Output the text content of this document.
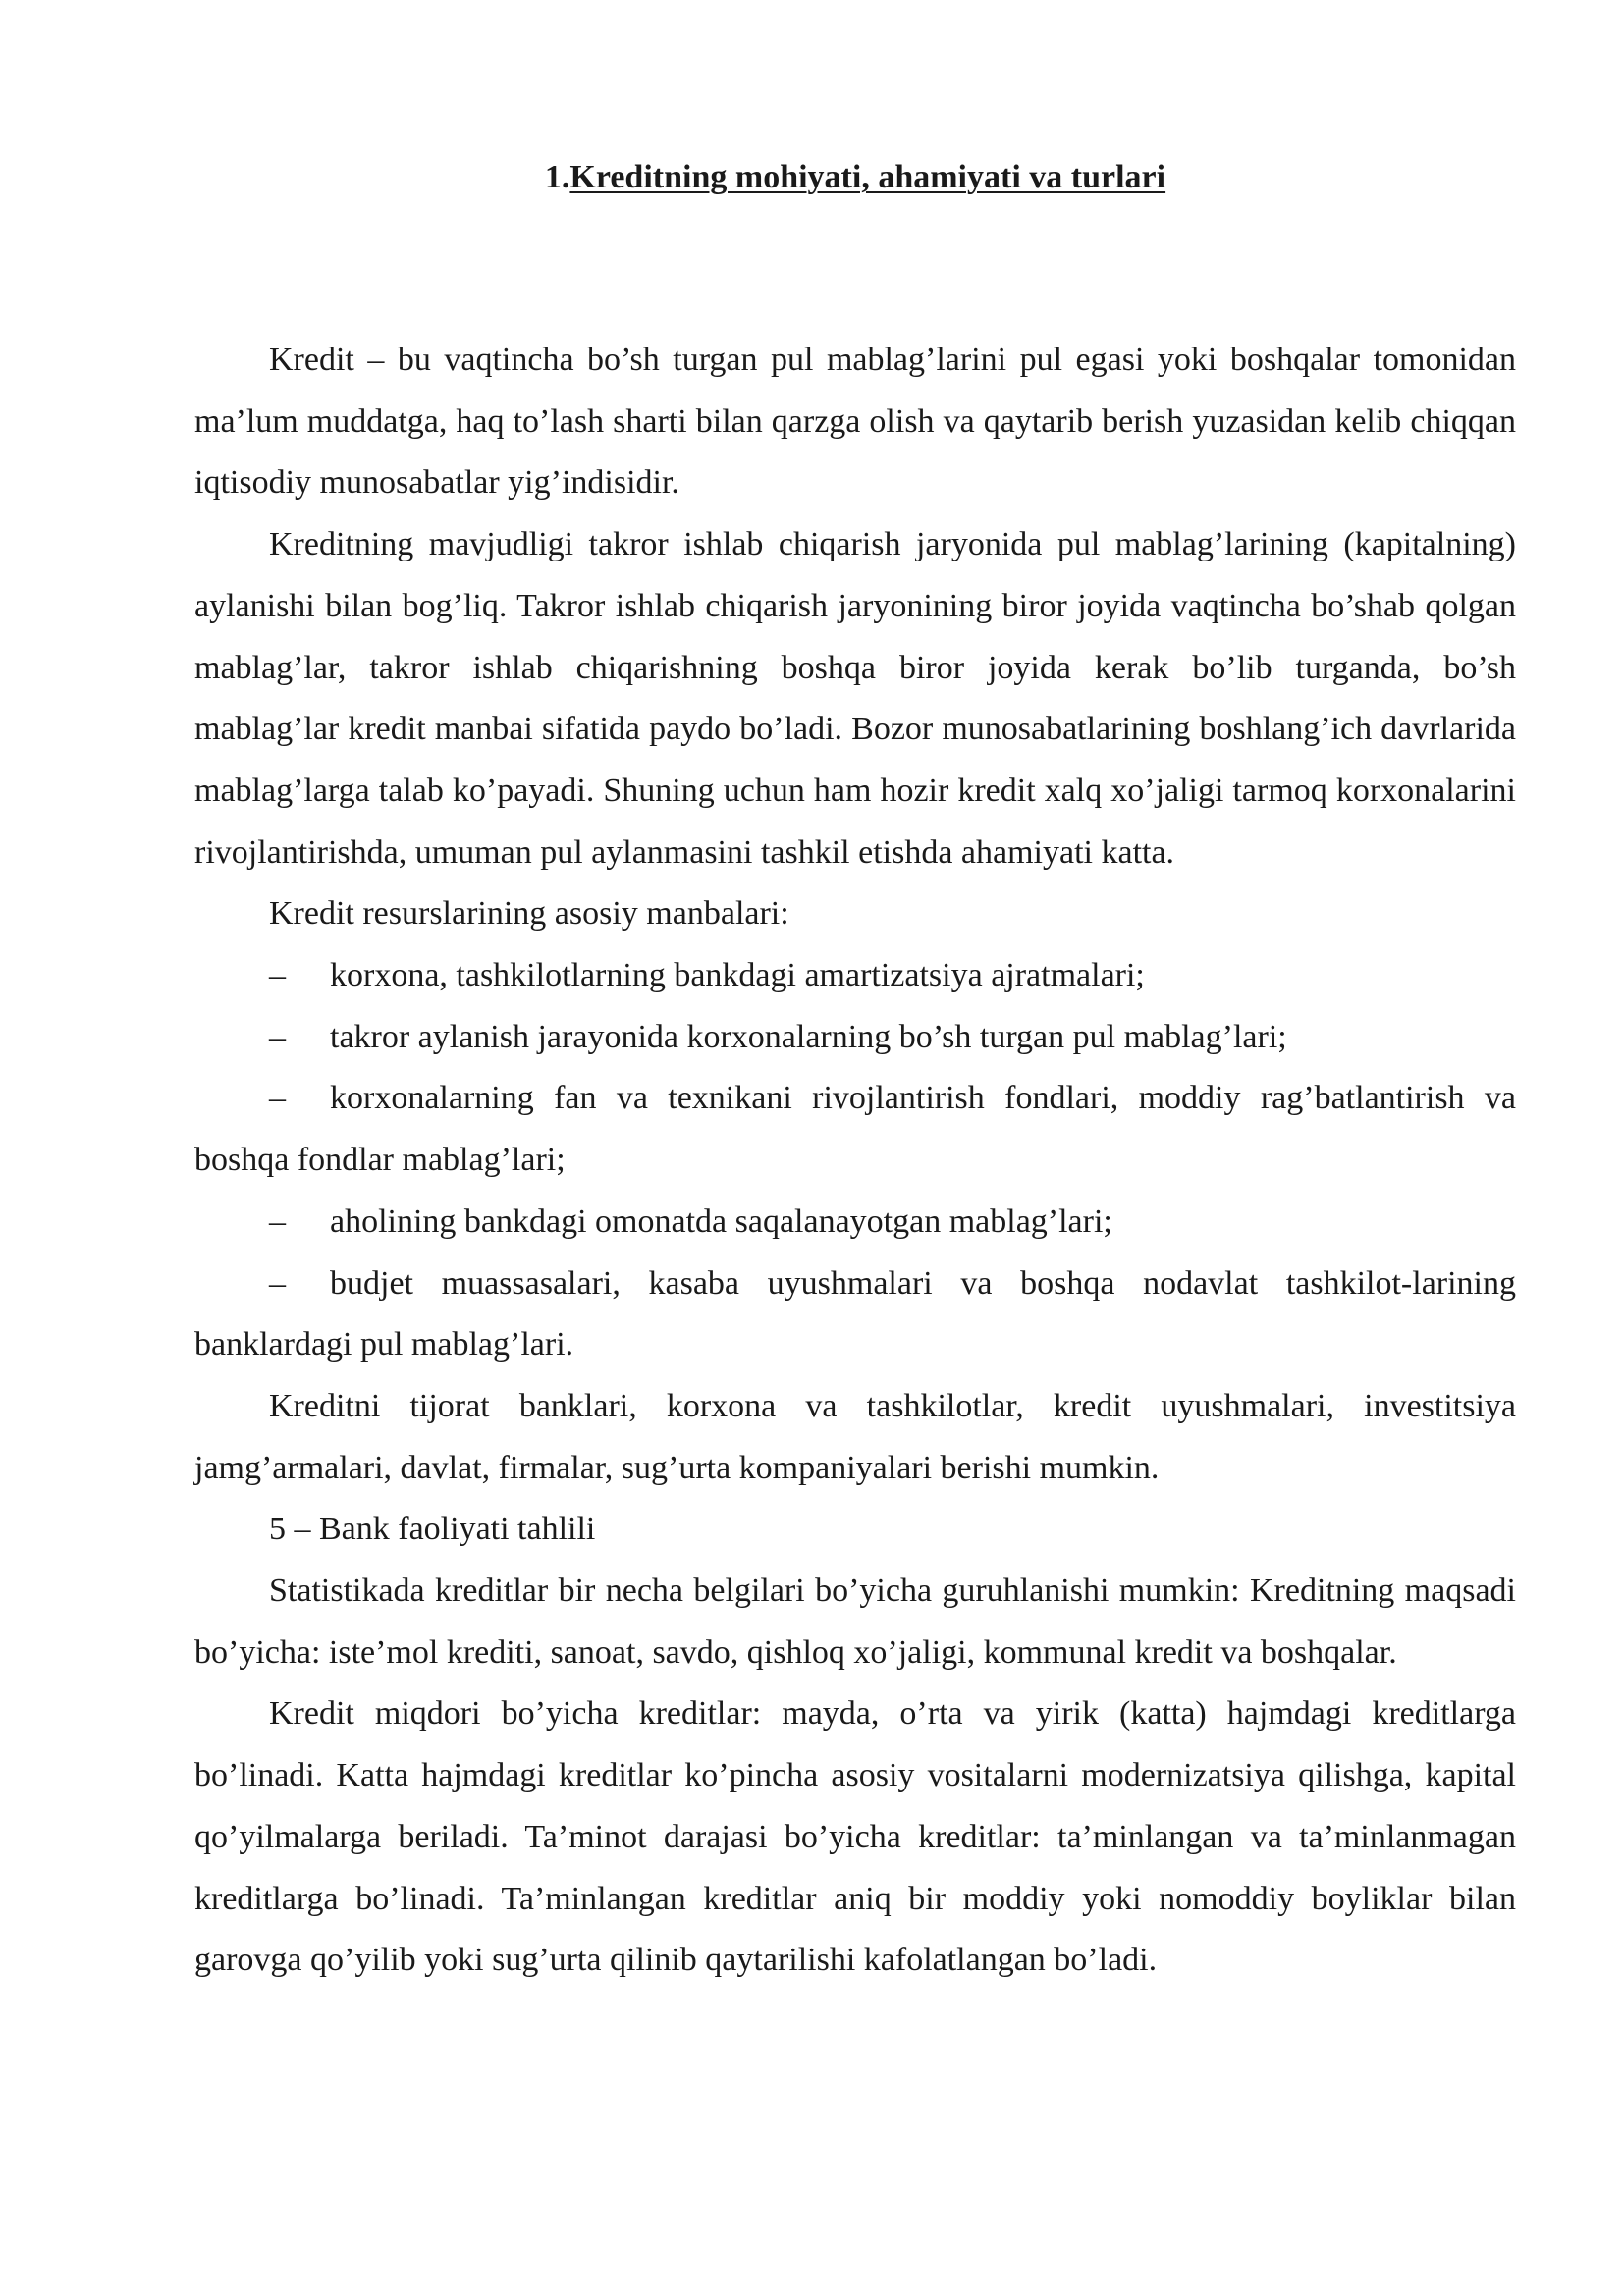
1.Kreditning mohiyati, ahamiyati va turlari

Kredit – bu vaqtincha bo’sh turgan pul mablag’larini pul egasi yoki boshqalar tomonidan ma’lum muddatga, haq to’lash sharti bilan qarzga olish va qaytarib berish yuzasidan kelib chiqqan iqtisodiy munosabatlar yig’indisidir.

Kreditning mavjudligi takror ishlab chiqarish jaryonida pul mablag’larining (kapitalning) aylanishi bilan bog’liq. Takror ishlab chiqarish jaryonining biror joyida vaqtincha bo’shab qolgan mablag’lar, takror ishlab chiqarishning boshqa biror joyida kerak bo’lib turganda, bo’sh mablag’lar kredit manbai sifatida paydo bo’ladi. Bozor munosabatlarining boshlang’ich davrlarida mablag’larga talab ko’payadi. Shuning uchun ham hozir kredit xalq xo’jaligi tarmoq korxonalarini rivojlantirishda, umuman pul aylanmasini tashkil etishda ahamiyati katta.

Kredit resurslarining asosiy manbalari:

– korxona, tashkilotlarning bankdagi amartizatsiya ajratmalari;

– takror aylanish jarayonida korxonalarning bo’sh turgan pul mablag’lari;

– korxonalarning fan va texnikani rivojlantirish fondlari, moddiy rag’batlantirish va boshqa fondlar mablag’lari;

– aholining bankdagi omonatda saqalanayotgan mablag’lari;

– budjet muassasalari, kasaba uyushmalari va boshqa nodavlat tashkilot-larining banklardagi pul mablag’lari.

Kreditni tijorat banklari, korxona va tashkilotlar, kredit uyushmalari, investitsiya jamg’armalari, davlat, firmalar, sug’urta kompaniyalari berishi mumkin.

5 – Bank faoliyati tahlili

Statistikada kreditlar bir necha belgilari bo’yicha guruhlanishi mumkin: Kreditning maqsadi bo’yicha: iste’mol krediti, sanoat, savdo, qishloq xo’jaligi, kommunal kredit va boshqalar.

Kredit miqdori bo’yicha kreditlar: mayda, o’rta va yirik (katta) hajmdagi kreditlarga bo’linadi. Katta hajmdagi kreditlar ko’pincha asosiy vositalarni modernizatsiya qilishga, kapital qo’yilmalarga beriladi. Ta’minot darajasi bo’yicha kreditlar: ta’minlangan va ta’minlanmagan kreditlarga bo’linadi. Ta’minlangan kreditlar aniq bir moddiy yoki nomoddiy boyliklar bilan garovga qo’yilib yoki sug’urta qilinib qaytarilishi kafolatlangan bo’ladi.
